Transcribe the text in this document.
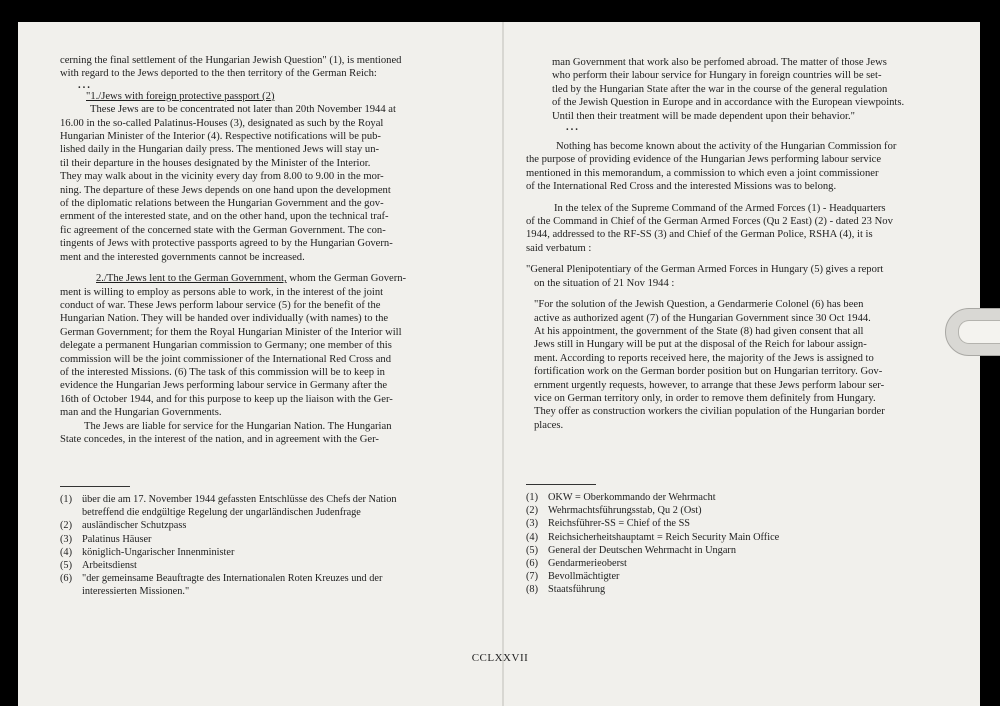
cerning the final settlement of the Hungarian Jewish Question" (1), is mentioned

with regard to the Jews deported to the then territory of the German Reich:

...

"1./Jews with foreign protective passport (2)

These Jews are to be concentrated not later than 20th November 1944 at

16.00 in the so-called Palatinus-Houses (3), designated as such by the Royal

Hungarian Minister of the Interior (4). Respective notifications will be pub-

lished daily in the Hungarian daily press. The mentioned Jews will stay un-

til their departure in the houses designated by the Minister of the Interior.

They may walk about in the vicinity every day from 8.00 to 9.00 in the mor-

ning. The departure of these Jews depends on one hand upon the development

of the diplomatic relations between the Hungarian Government and the gov-

ernment of the interested state, and on the other hand, upon the technical traf-

fic agreement of the concerned state with the German Government. The con-

tingents of Jews with protective passports agreed to by the Hungarian Govern-

ment and the interested governments cannot be increased.

2./The Jews lent to the German Government, whom the German Govern-

ment is willing to employ as persons able to work, in the interest of the joint

conduct of war. These Jews perform labour service (5) for the benefit of the

Hungarian Nation. They will be handed over individually (with names) to the

German Government; for them the Royal Hungarian Minister of the Interior will

delegate a permanent Hungarian commission to Germany; one member of this

commission will be the joint commissioner of the International Red Cross and

of the interested Missions. (6) The task of this commission will be to keep in

evidence the Hungarian Jews performing labour service in Germany after the

16th of October 1944, and for this purpose to keep up the liaison with the Ger-

man and the Hungarian Governments.

The Jews are liable for service for the Hungarian Nation. The Hungarian

State concedes, in the interest of the nation, and in agreement with the Ger-

(1) über die am 17. November 1944 gefassten Entschlüsse des Chefs der Nation
betreffend die endgültige Regelung der ungarländischen Judenfrage
(2) ausländischer Schutzpass
(3) Palatinus Häuser
(4) königlich-Ungarischer Innenminister
(5) Arbeitsdienst
(6) "der gemeinsame Beauftragte des Internationalen Roten Kreuzes und der
interessierten Missionen."

man Government that work also be perfomed abroad. The matter of those Jews

who perform their labour service for Hungary in foreign countries will be set-

tled by the Hungarian State after the war in the course of the general regulation

of the Jewish Question in Europe and in accordance with the European viewpoints.

Until then their treatment will be made dependent upon their behavior."

...

Nothing has become known about the activity of the Hungarian Commission for

the purpose of providing evidence of the Hungarian Jews performing labour service

mentioned in this memorandum, a commission to which even a joint commissioner

of the International Red Cross and the interested Missions was to belong.

In the telex of the Supreme Command of the Armed Forces (1) - Headquarters

of the Command in Chief of the German Armed Forces (Qu 2 East) (2) - dated 23 Nov

1944, addressed to the RF-SS (3) and Chief of the German Police, RSHA (4), it is

said verbatum :

"General Plenipotentiary of the German Armed Forces in Hungary (5) gives a report

on the situation of 21 Nov 1944 :

"For the solution of the Jewish Question, a Gendarmerie Colonel (6) has been

active as authorized agent (7) of the Hungarian Government since 30 Oct 1944.

At his appointment, the government of the State (8) had given consent that all

Jews still in Hungary will be put at the disposal of the Reich for labour assign-

ment. According to reports received here, the majority of the Jews is assigned to

fortification work on the German border position but on Hungarian territory. Gov-

ernment urgently requests, however, to arrange that these Jews perform labour ser-

vice on German territory only, in order to remove them definitely from Hungary.

They offer as construction workers the civilian population of the Hungarian border

places.

(1) OKW = Oberkommando der Wehrmacht
(2) Wehrmachtsführungsstab, Qu 2 (Ost)
(3) Reichsführer-SS = Chief of the SS
(4) Reichsicherheitshauptamt = Reich Security Main Office
(5) General der Deutschen Wehrmacht in Ungarn
(6) Gendarmerieoberst
(7) Bevollmächtigter
(8) Staatsführung
CCLXXVII
